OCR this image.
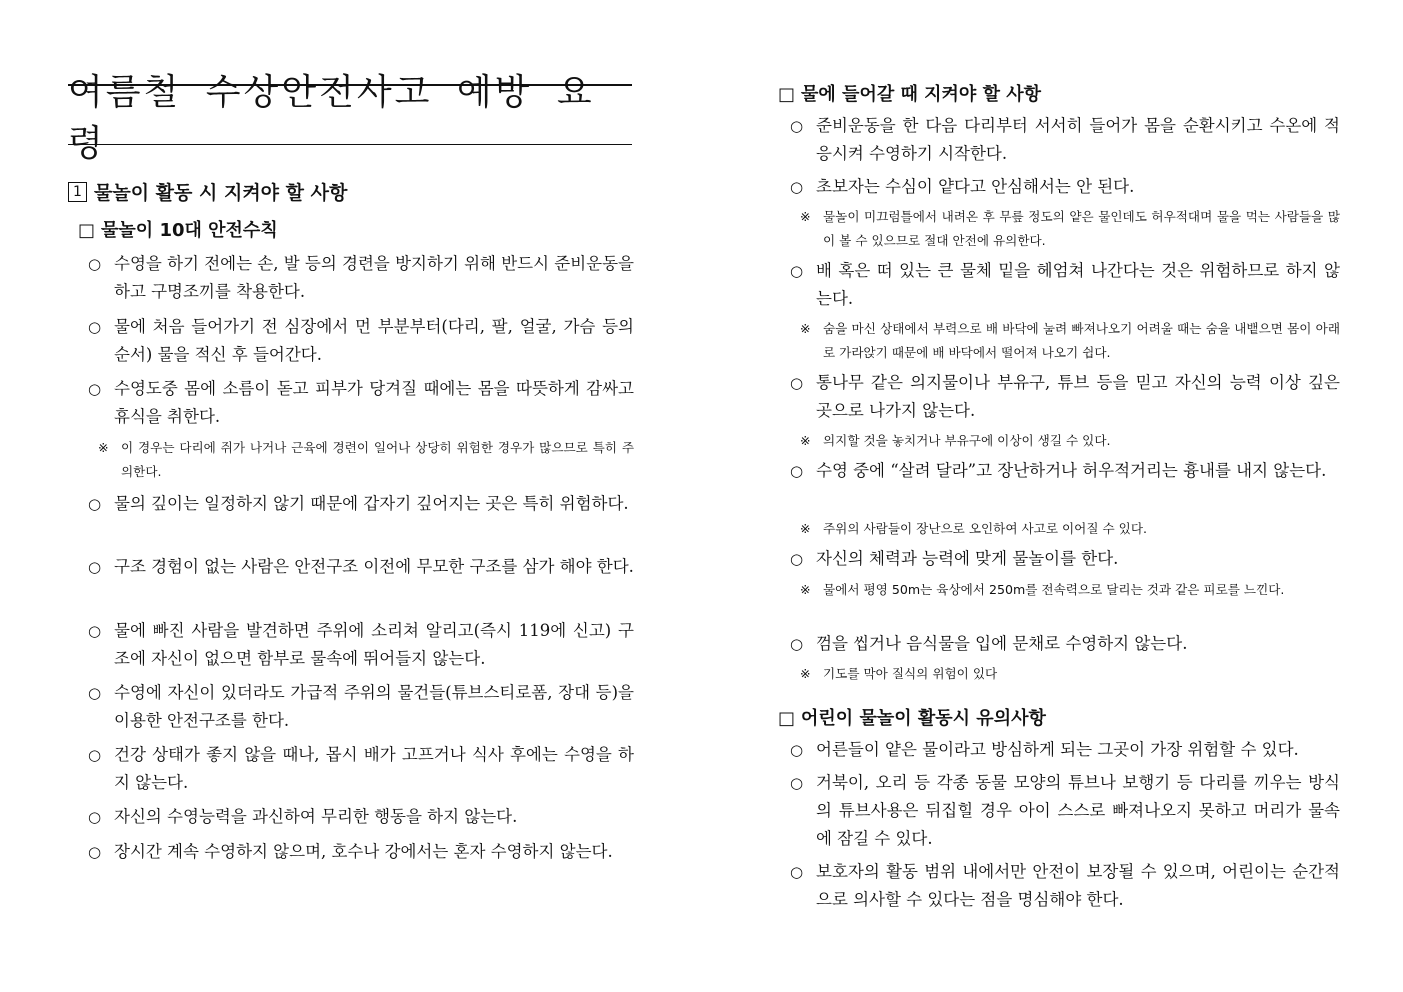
여름철 수상안전사고 예방 요령
1 물놀이 활동 시 지켜야 할 사항
□ 물놀이 10대 안전수칙
○ 수영을 하기 전에는 손, 발 등의 경련을 방지하기 위해 반드시 준비운동을 하고 구명조끼를 착용한다.
○ 물에 처음 들어가기 전 심장에서 먼 부분부터(다리, 팔, 얼굴, 가슴 등의 순서) 물을 적신 후 들어간다.
○ 수영도중 몸에 소름이 돋고 피부가 당겨질 때에는 몸을 따뜻하게 감싸고 휴식을 취한다.
※ 이 경우는 다리에 쥐가 나거나 근육에 경련이 일어나 상당히 위험한 경우가 많으므로 특히 주의한다.
○ 물의 깊이는 일정하지 않기 때문에 갑자기 깊어지는 곳은 특히 위험하다.
○ 구조 경험이 없는 사람은 안전구조 이전에 무모한 구조를 삼가 해야 한다.
○ 물에 빠진 사람을 발견하면 주위에 소리쳐 알리고(즉시 119에 신고) 구조에 자신이 없으면 함부로 물속에 뛰어들지 않는다.
○ 수영에 자신이 있더라도 가급적 주위의 물건들(튜브스티로폼, 장대 등)을 이용한 안전구조를 한다.
○ 건강 상태가 좋지 않을 때나, 몹시 배가 고프거나 식사 후에는 수영을 하지 않는다.
○ 자신의 수영능력을 과신하여 무리한 행동을 하지 않는다.
○ 장시간 계속 수영하지 않으며, 호수나 강에서는 혼자 수영하지 않는다.
□ 물에 들어갈 때 지켜야 할 사항
○ 준비운동을 한 다음 다리부터 서서히 들어가 몸을 순환시키고 수온에 적응시켜 수영하기 시작한다.
○ 초보자는 수심이 얕다고 안심해서는 안 된다.
※ 물놀이 미끄럼틀에서 내려온 후 무릎 정도의 얕은 물인데도 허우적대며 물을 먹는 사람들을 많이 볼 수 있으므로 절대 안전에 유의한다.
○ 배 혹은 떠 있는 큰 물체 밑을 헤엄쳐 나간다는 것은 위험하므로 하지 않는다.
※ 숨을 마신 상태에서 부력으로 배 바닥에 눌려 빠져나오기 어려울 때는 숨을 내뱉으면 몸이 아래로 가라앉기 때문에 배 바닥에서 떨어져 나오기 쉽다.
○ 통나무 같은 의지물이나 부유구, 튜브 등을 믿고 자신의 능력 이상 깊은 곳으로 나가지 않는다.
※ 의지할 것을 놓치거나 부유구에 이상이 생길 수 있다.
○ 수영 중에 “살려 달라”고 장난하거나 허우적거리는 흉내를 내지 않는다.
※ 주위의 사람들이 장난으로 오인하여 사고로 이어질 수 있다.
○ 자신의 체력과 능력에 맞게 물놀이를 한다.
※ 물에서 평영 50m는 육상에서 250m를 전속력으로 달리는 것과 같은 피로를 느낀다.
○ 껌을 씹거나 음식물을 입에 문채로 수영하지 않는다.
※ 기도를 막아 질식의 위험이 있다
□ 어린이 물놀이 활동시 유의사항
○ 어른들이 얕은 물이라고 방심하게 되는 그곳이 가장 위험할 수 있다.
○ 거북이, 오리 등 각종 동물 모양의 튜브나 보행기 등 다리를 끼우는 방식의 튜브사용은 뒤집힐 경우 아이 스스로 빠져나오지 못하고 머리가 물속에 잠길 수 있다.
○ 보호자의 활동 범위 내에서만 안전이 보장될 수 있으며, 어린이는 순간적으로 의사할 수 있다는 점을 명심해야 한다.
